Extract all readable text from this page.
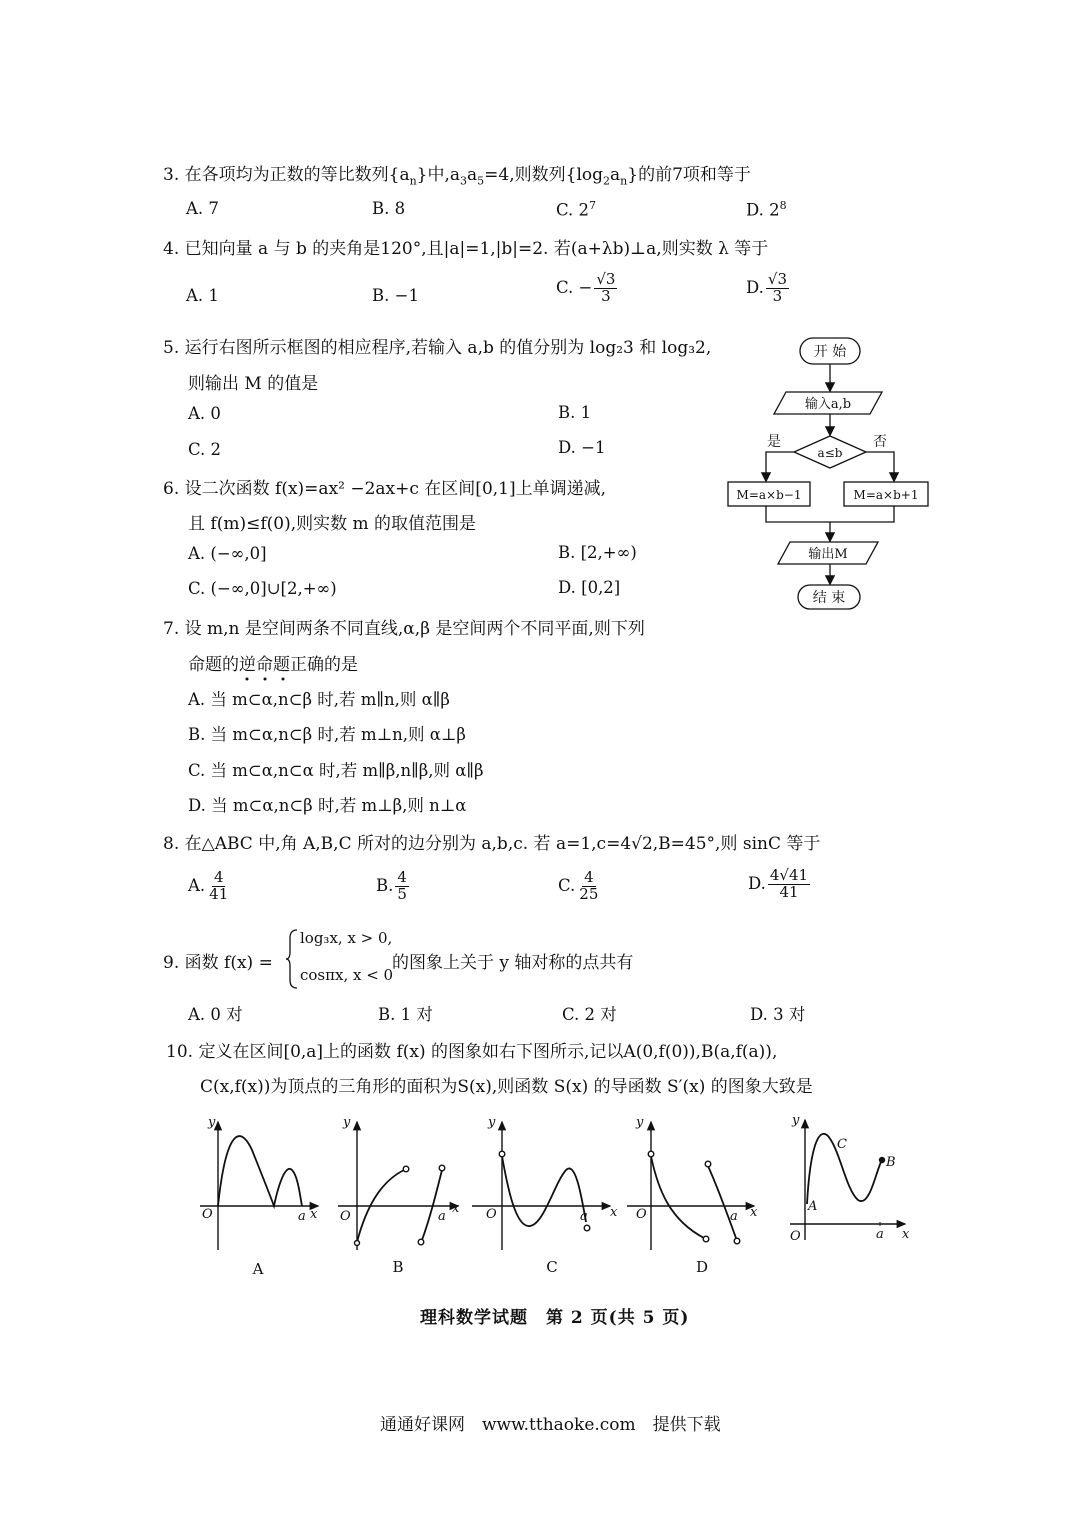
3. 在各项均为正数的等比数列$\{a_n\}$中$,a_3a_5=4$,则数列$\{\log_2a_n\}$的前7项和等于
A. 7	B. 8	C. $2^7$	D. $2^8$
4. 已知向量 a 与 b 的夹角是120°,且|a|=1,|b|=2. 若(a+λb)⊥a,则实数 λ 等于
A. 1	B. −1	C. − $\frac{√3}{3}$	D. $\frac{√3}{3}$
5. 运行右图所示框图的相应程序,若输入 a,b 的值分别为 log₂3 和 log₃2,
则输出 M 的值是
A. 0	B. 1
C. 2	D. −1
6. 设二次函数 f(x)=ax² −2ax+c 在区间[0,1]上单调递减,
且 f(m)≤f(0),则实数 m 的取值范围是
A. (−∞,0]	B. [2,+∞)
C. (−∞,0]∪[2,+∞)	D. [0,2]
7. 设 m,n 是空间两条不同直线,α,β 是空间两个不同平面,则下列
命题的逆命题
正确的是
A. 当 m⊂α,n⊂β 时,若 m∥n,则 α∥β
B. 当 m⊂α,n⊂β 时,若 m⊥n,则 α⊥β
C. 当 m⊂α,n⊂α 时,若 m∥β,n∥β,则 α∥β
D. 当 m⊂α,n⊂β 时,若 m⊥β,则 n⊥α
8. 在△ABC 中,角 A,B,C 所对的边分别为 a,b,c. 若 a=1,c=4√2,B=45°,则 sinC 等于
A. $\frac{4}{41}$	B. $\frac{4}{5}$	C. $\frac{4}{25}$	D. $\frac{4√41}{41}$
9. 函数 f(x) =
log₃x, x > 0,
cosπx, x < 0
的图象上关于 y 轴对称的点共有
A. 0 对	B. 1 对	C. 2 对	D. 3 对
10. 定义在区间[0,a]上的函数 f(x) 的图象如右下图所示,记以A(0,f(0)),B(a,f(a)),
C(x,f(x))为顶点的三角形的面积为S(x),则函数 S(x) 的导函数 S′(x) 的图象大致是
开 始
输入a,b
a≤b
是	否
M=a×b−1	M=a×b+1
输出M
结 束
y
O	a x
y
O	a
x
y
O	a x
y
O	a x
y
O	a x
A
C
B
A	B	C	D
理科数学试题　第 2 页(共 5 页)
通通好课网　www.tthaoke.com　提供下载
